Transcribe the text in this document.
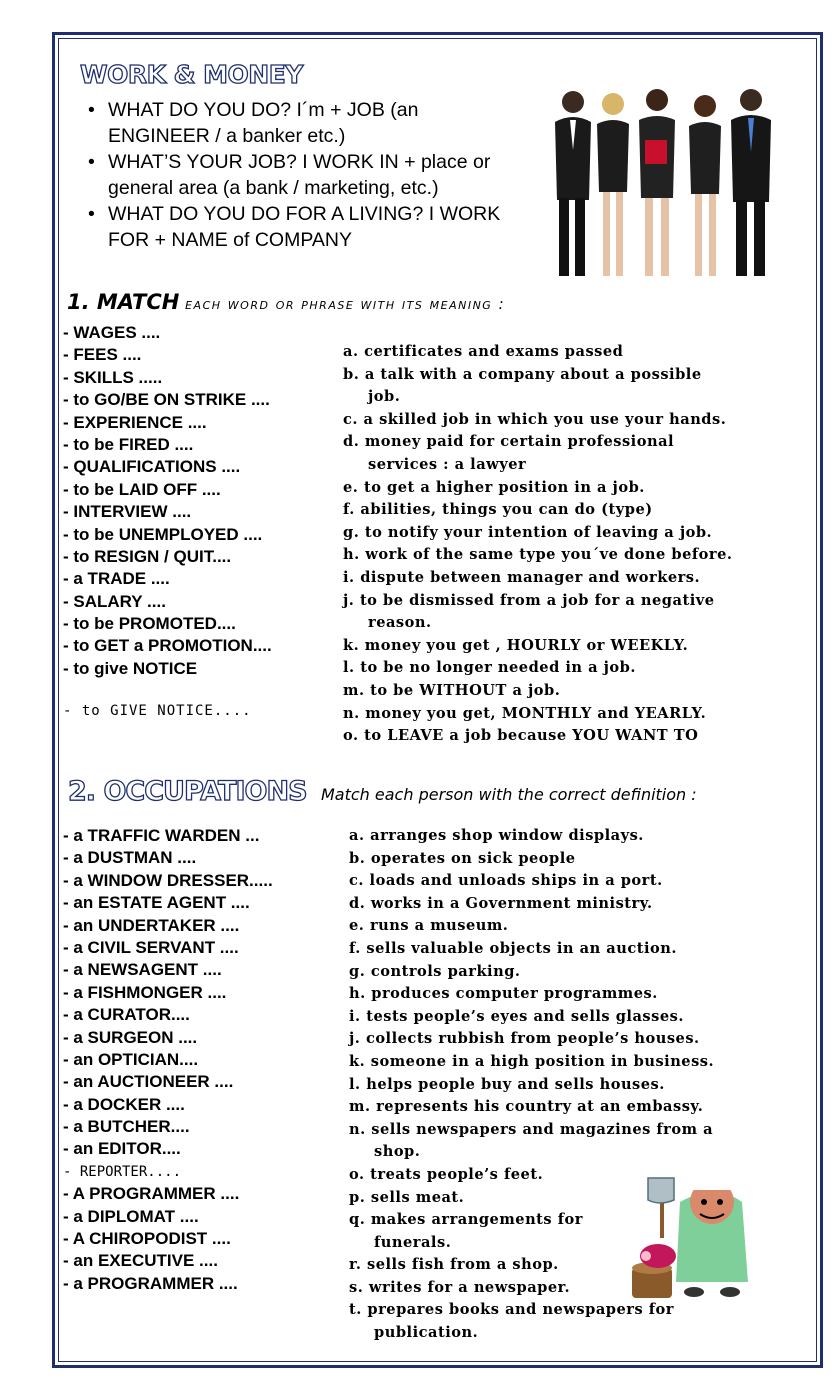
WORK & MONEY
• WHAT DO YOU DO? I´m + JOB (an ENGINEER / a banker etc.)
• WHAT’S YOUR JOB? I WORK IN + place or general area (a bank / marketing, etc.)
• WHAT DO YOU DO FOR A LIVING? I WORK FOR + NAME of COMPANY
1. MATCH each word or phrase with its meaning :
- WAGES ....
- FEES ....
- SKILLS .....
- to GO/BE ON STRIKE ....
- EXPERIENCE ....
- to be FIRED ....
- QUALIFICATIONS ....
- to be LAID OFF ....
- INTERVIEW ....
- to be UNEMPLOYED ....
- to RESIGN / QUIT....
- a TRADE ....
- SALARY ....
- to be PROMOTED....
- to GET a PROMOTION....
- to give NOTICE
- to GIVE NOTICE....
a. certificates and exams passed
b. a talk with a company about a possible
job.
c. a skilled job in which you use your hands.
d. money paid for certain professional
services : a lawyer
e. to get a higher position in a job.
f. abilities, things you can do (type)
g. to notify your intention of leaving a job.
h. work of the same type you´ve done before.
i. dispute between manager and workers.
j. to be dismissed from a job for a negative
reason.
k. money you get , HOURLY or WEEKLY.
l. to be no longer needed in a job.
m. to be WITHOUT a job.
n. money you get, MONTHLY and YEARLY.
o. to LEAVE a job because YOU WANT TO
2. OCCUPATIONS Match each person with the correct definition :
- a TRAFFIC WARDEN ...
- a DUSTMAN ....
- a WINDOW DRESSER.....
- an ESTATE AGENT ....
- an UNDERTAKER ....
- a CIVIL SERVANT ....
- a NEWSAGENT ....
- a FISHMONGER ....
- a CURATOR....
- a SURGEON ....
- an OPTICIAN....
- an AUCTIONEER ....
- a DOCKER ....
- a BUTCHER....
- an EDITOR....
- REPORTER....
- A PROGRAMMER ....
- a DIPLOMAT ....
- A CHIROPODIST ....
- an EXECUTIVE ....
- a PROGRAMMER ....
a. arranges shop window displays.
b. operates on sick people
c. loads and unloads ships in a port.
d. works in a Government ministry.
e. runs a museum.
f. sells valuable objects in an auction.
g. controls parking.
h. produces computer programmes.
i. tests people’s eyes and sells glasses.
j. collects rubbish from people’s houses.
k. someone in a high position in business.
l. helps people buy and sells houses.
m. represents his country at an embassy.
n. sells newspapers and magazines from a
shop.
o. treats people’s feet.
p. sells meat.
q. makes arrangements for
funerals.
r. sells fish from a shop.
s. writes for a newspaper.
t. prepares books and newspapers for
publication.
